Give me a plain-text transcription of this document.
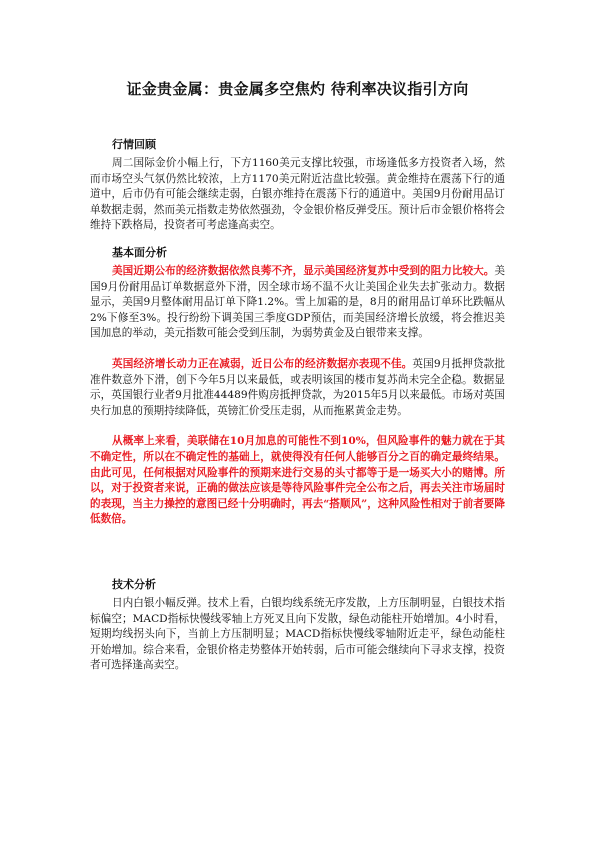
证金贵金属：贵金属多空焦灼 待利率决议指引方向
行情回顾

周二国际金价小幅上行，下方1160美元支撑比较强，市场逢低多方投资者入场，然而市场空头气氛仍然比较浓，上方1170美元附近沽盘比较强。黄金维持在震荡下行的通道中，后市仍有可能会继续走弱，白银亦维持在震荡下行的通道中。美国9月份耐用品订单数据走弱，然而美元指数走势依然强劲，令金银价格反弹受压。预计后市金银价格将会维持下跌格局，投资者可考虑逢高卖空。

基本面分析

美国近期公布的经济数据依然良莠不齐，显示美国经济复苏中受到的阻力比较大。美国9月份耐用品订单数据意外下滑，因全球市场不温不火让美国企业失去扩张动力。数据显示，美国9月整体耐用品订单下降1.2%。雪上加霜的是，8月的耐用品订单环比跌幅从2%下修至3%。投行纷纷下调美国三季度GDP预估，而美国经济增长放缓，将会推迟美国加息的举动，美元指数可能会受到压制，为弱势黄金及白银带来支撑。

英国经济增长动力正在减弱，近日公布的经济数据亦表现不佳。英国9月抵押贷款批准件数意外下滑，创下今年5月以来最低，或表明该国的楼市复苏尚未完全企稳。数据显示，英国银行业者9月批准44489件购房抵押贷款，为2015年5月以来最低。市场对英国央行加息的预期持续降低，英镑汇价受压走弱，从而拖累黄金走势。

从概率上来看，美联储在10月加息的可能性不到10%，但风险事件的魅力就在于其不确定性，所以在不确定性的基础上，就使得没有任何人能够百分之百的确定最终结果。由此可见，任何根据对风险事件的预期来进行交易的头寸都等于是一场买大小的赌博。所以，对于投资者来说，正确的做法应该是等待风险事件完全公布之后，再去关注市场届时的表现，当主力操控的意图已经十分明确时，再去“搭顺风”，这种风险性相对于前者要降低数倍。

技术分析

日内白银小幅反弹。技术上看，白银均线系统无序发散，上方压制明显，白银技术指标偏空；MACD指标快慢线零轴上方死叉且向下发散，绿色动能柱开始增加。4小时看，短期均线拐头向下，当前上方压制明显；MACD指标快慢线零轴附近走平，绿色动能柱开始增加。综合来看，金银价格走势整体开始转弱，后市可能会继续向下寻求支撑，投资者可选择逢高卖空。
